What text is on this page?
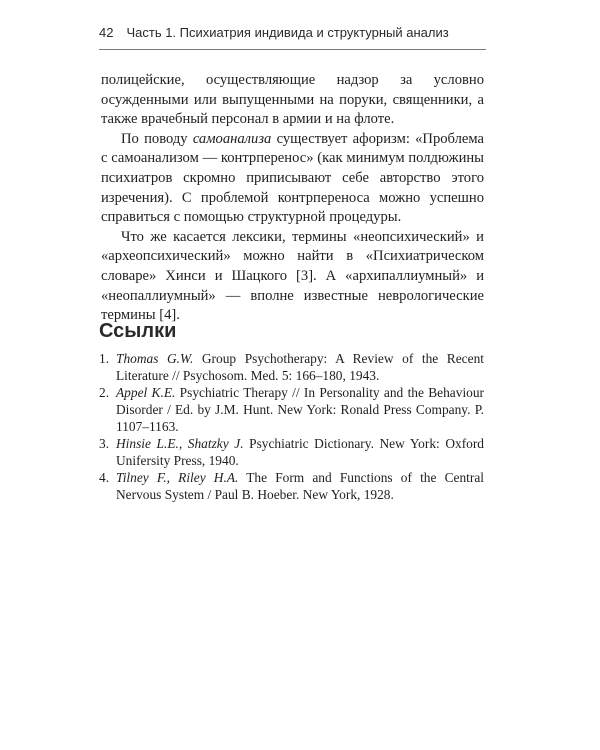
42 Часть 1. Психиатрия индивида и структурный анализ

полицейские, осуществляющие надзор за условно осужденными или выпущенными на поруки, священники, а также врачебный персонал в армии и на флоте.

По поводу самоанализа существует афоризм: «Проблема с самоанализом — контрперенос» (как минимум полдюжины психиатров скромно приписывают себе авторство этого изречения). С проблемой контрпереноса можно успешно справиться с помощью структурной процедуры.

Что же касается лексики, термины «неопсихический» и «археопсихический» можно найти в «Психиатрическом словаре» Хинси и Шацкого [3]. А «архипаллиумный» и «неопаллиумный» — вполне известные неврологические термины [4].

Ссылки
1. Thomas G.W. Group Psychotherapy: A Review of the Recent Literature // Psychosom. Med. 5: 166–180, 1943.
2. Appel K.E. Psychiatric Therapy // In Personality and the Behaviour Disorder / Ed. by J.M. Hunt. New York: Ronald Press Company. P. 1107–1163.
3. Hinsie L.E., Shatzky J. Psychiatric Dictionary. New York: Oxford Unifersity Press, 1940.
4. Tilney F., Riley H.A. The Form and Functions of the Central Nervous System / Paul B. Hoeber. New York, 1928.
